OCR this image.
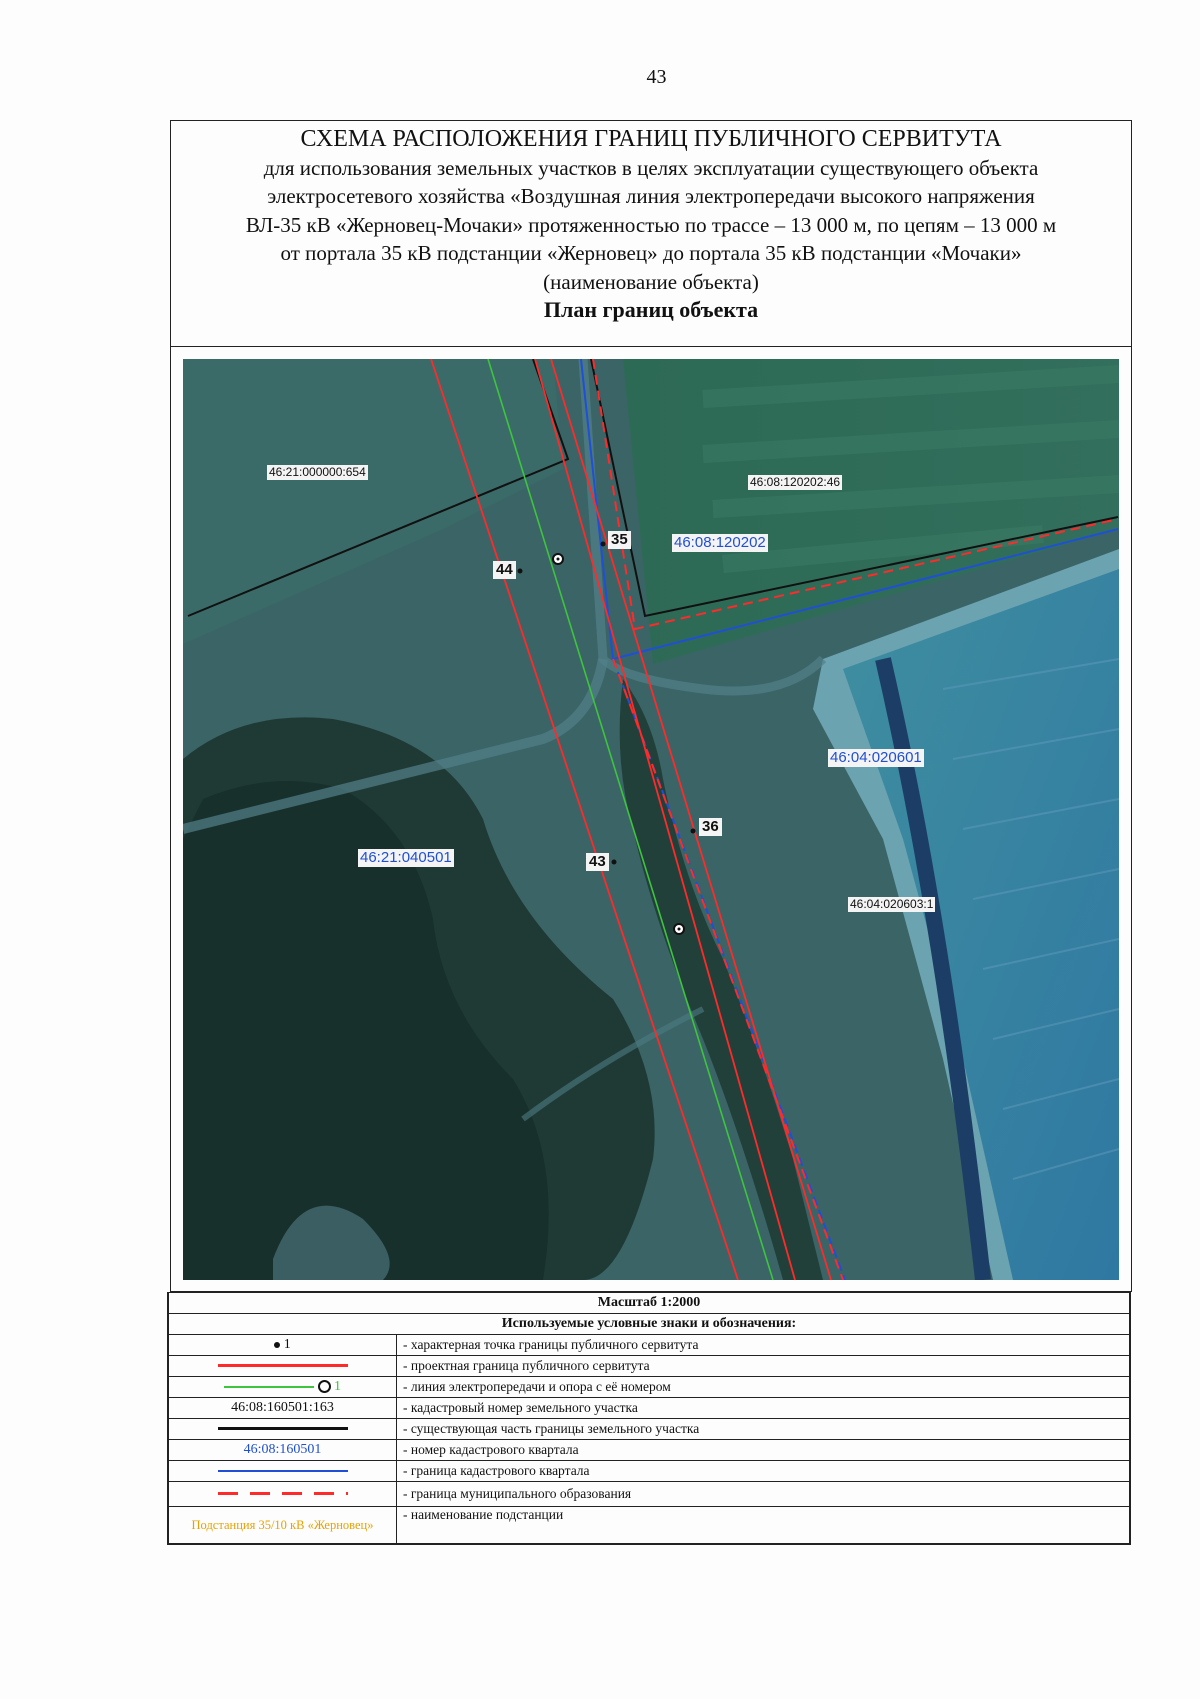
43
СХЕМА РАСПОЛОЖЕНИЯ ГРАНИЦ ПУБЛИЧНОГО СЕРВИТУТА
для использования земельных участков в целях эксплуатации существующего объекта
электросетевого хозяйства «Воздушная линия электропередачи высокого напряжения
ВЛ-35 кВ «Жерновец-Мочаки» протяженностью по трассе – 13 000 м, по цепям – 13 000 м
от портала 35 кВ подстанции «Жерновец» до портала 35 кВ подстанции «Мочаки»
(наименование объекта)
План границ объекта
46:21:000000:654
46:08:120202:46
46:04:020603:1
46:08:120202
46:04:020601
46:21:040501
35
44
36
43
Масштаб 1:2000	
Используемые условные знаки и обозначения:	
1	- характерная точка границы публичного сервитута
	- проектная граница публичного сервитута
1	- линия электропередачи и опора с её номером
46:08:160501:163	- кадастровый номер земельного участка
	- существующая часть границы земельного участка
46:08:160501	- номер кадастрового квартала
	- граница кадастрового квартала
	- граница муниципального образования
Подстанция 35/10 кВ «Жерновец»	- наименование подстанции
